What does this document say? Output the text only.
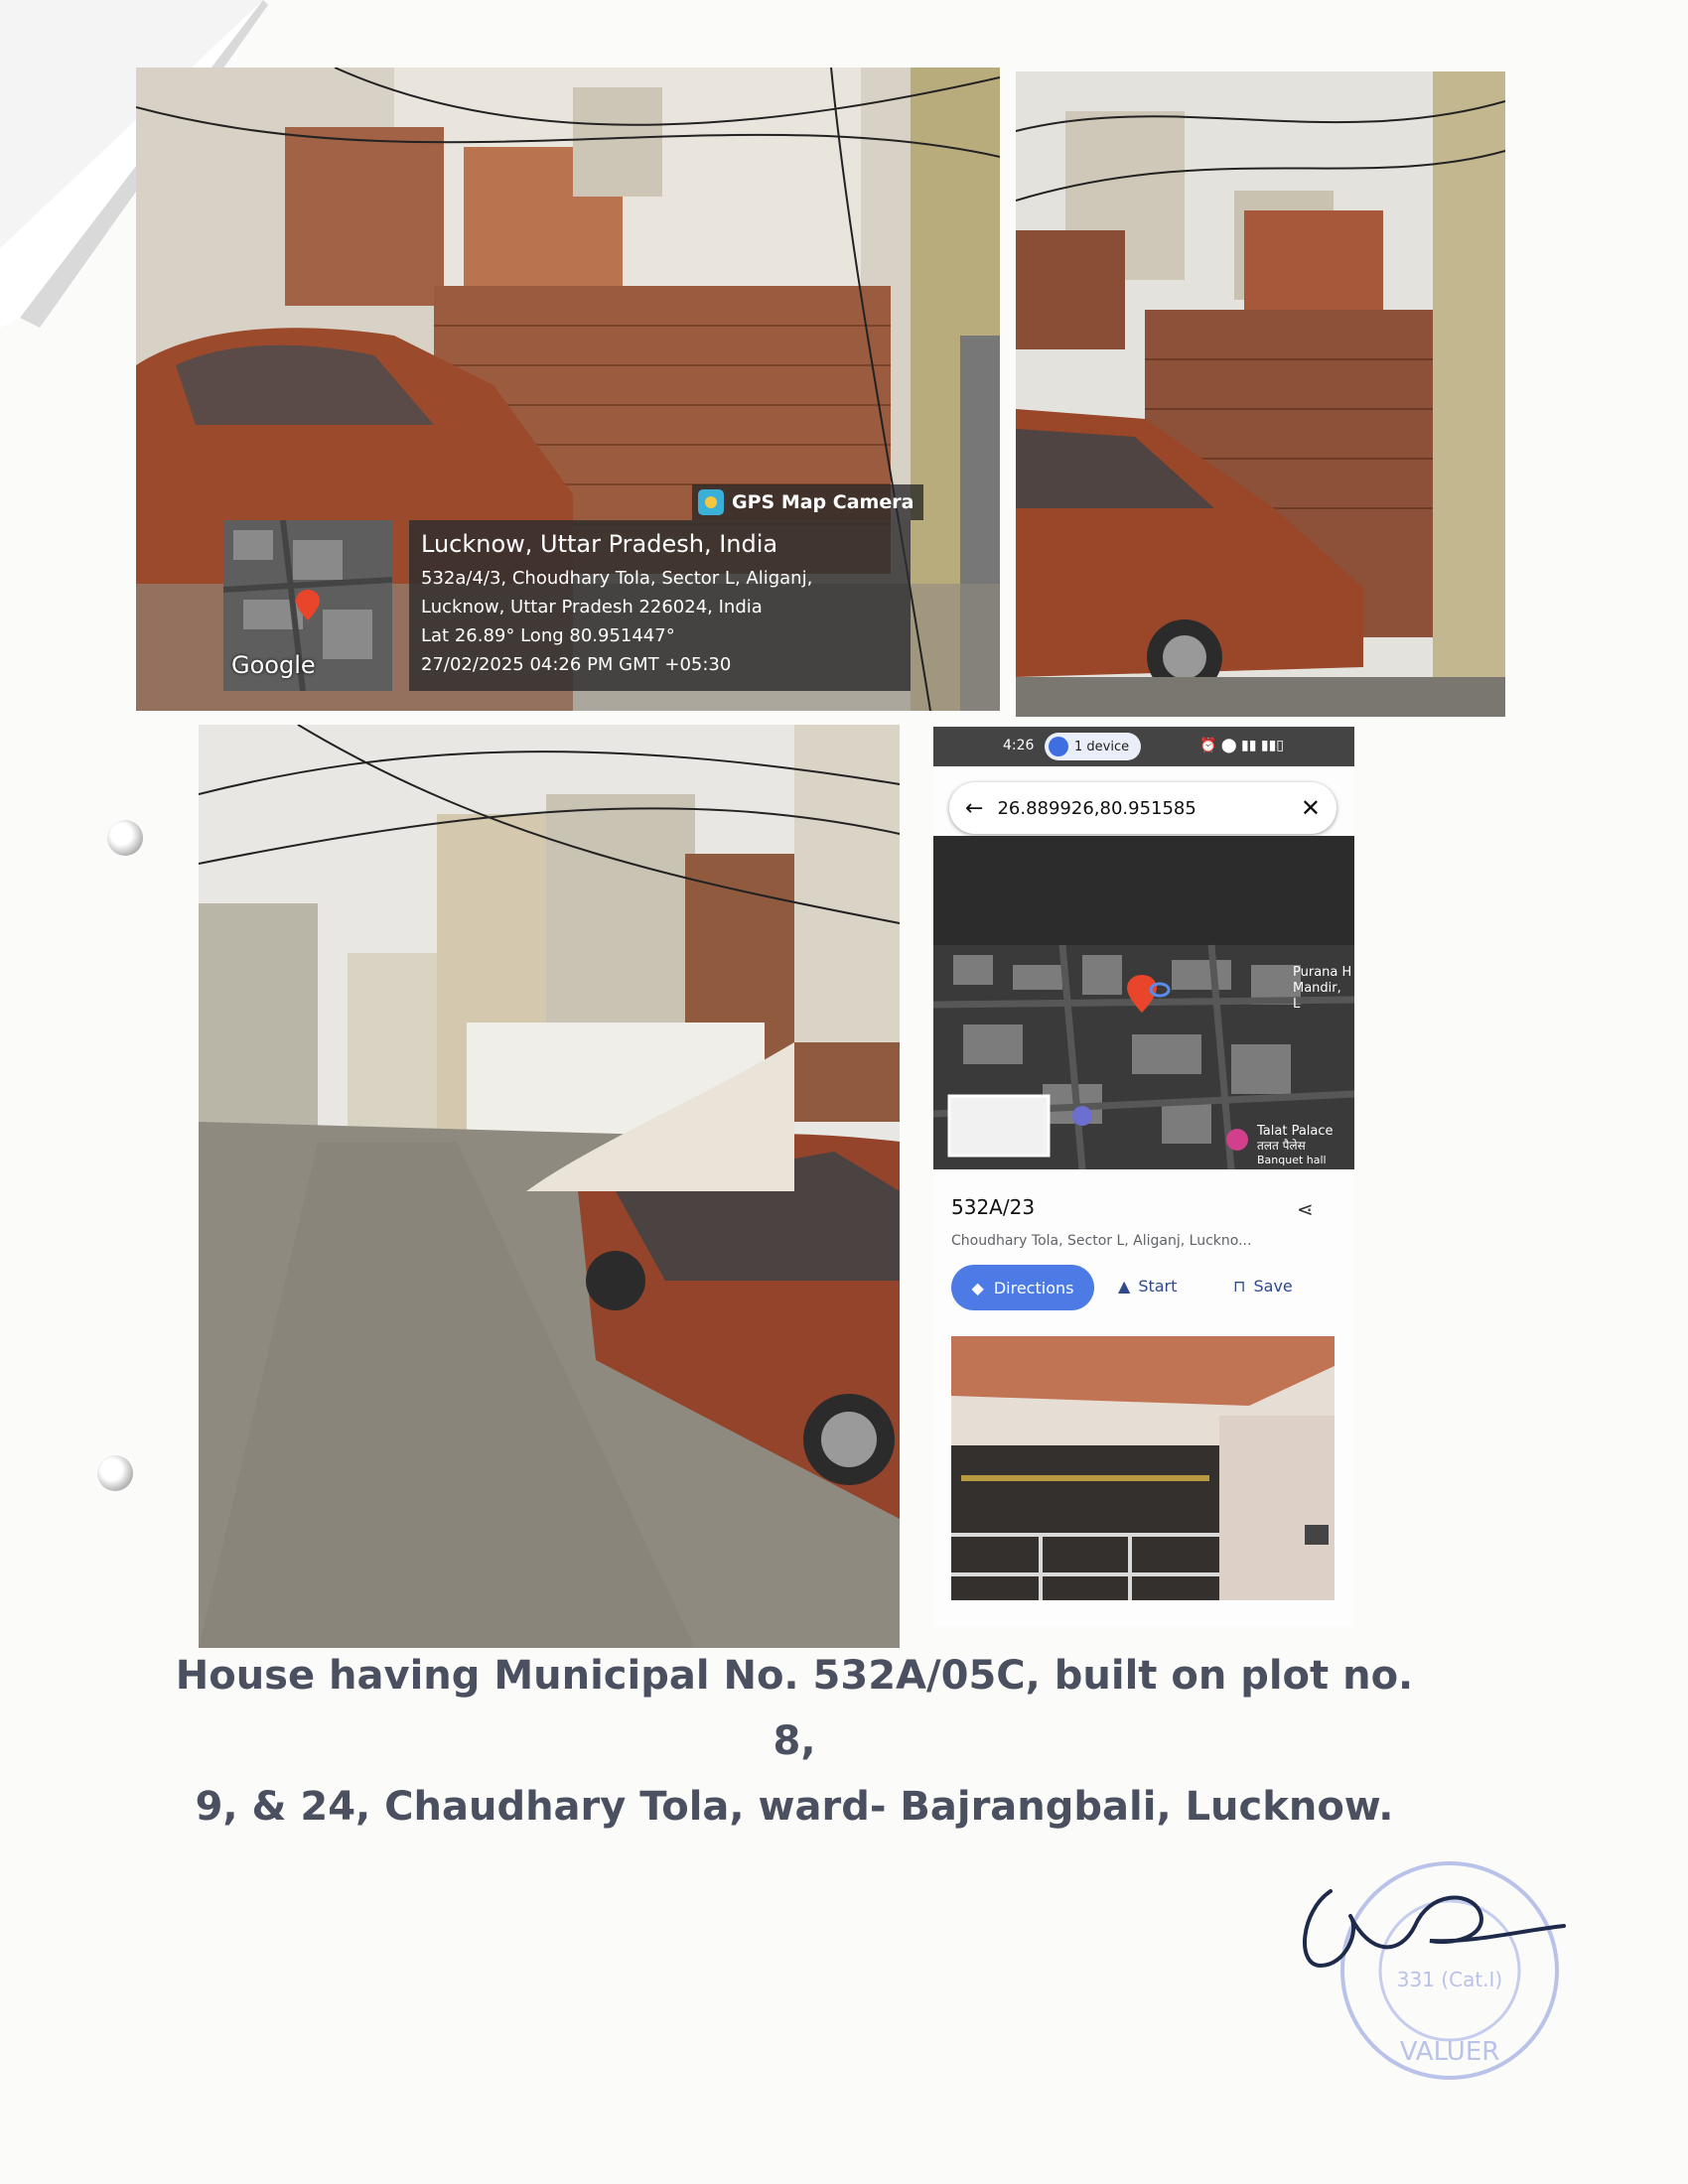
GPS Map Camera
Google
Lucknow, Uttar Pradesh, India
532a/4/3, Choudhary Tola, Sector L, Aliganj,
Lucknow, Uttar Pradesh 226024, India
Lat 26.89° Long 80.951447°
27/02/2025 04:26 PM GMT +05:30
4:26	1 device	⏰ ⬤ ▮▮ ▮▮▯
← 26.889926,80.951585	✕
Purana H Mandir, L
Talat Palace
तलत पैलेस
Banquet hall
532A/23	⋖
Choudhary Tola, Sector L, Aliganj, Luckno...
◆ Directions	▲ Start	⊓ Save
House having Municipal No. 532A/05C, built on plot no. 8,
9, & 24, Chaudhary Tola, ward- Bajrangbali, Lucknow.
VALUER
331 (Cat.I)
